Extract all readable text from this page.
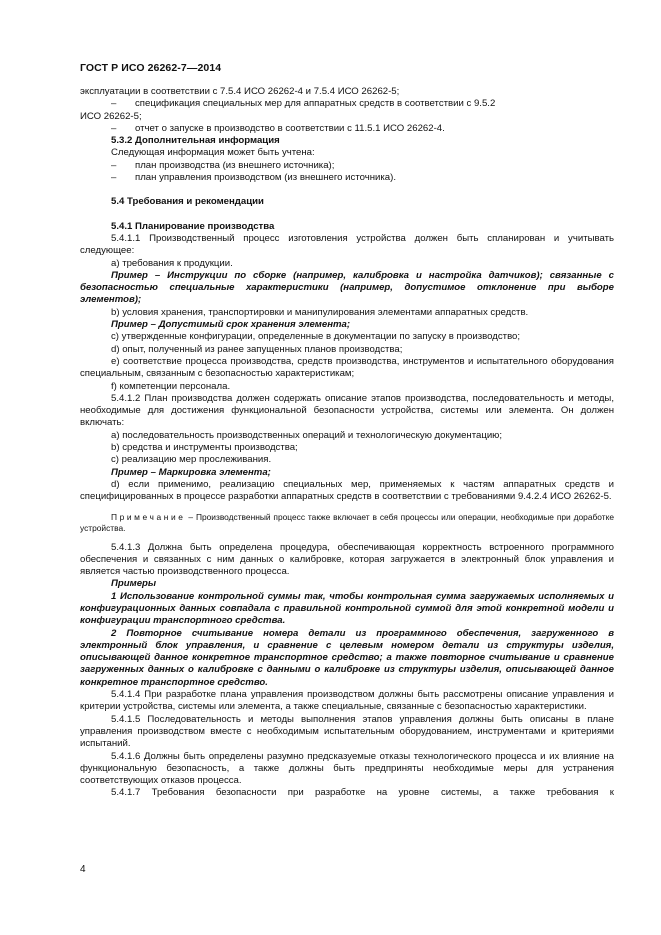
ГОСТ Р ИСО 26262-7—2014

эксплуатации в соответствии с 7.5.4 ИСО 26262-4 и 7.5.4 ИСО 26262-5;

–	спецификация специальных мер для аппаратных средств в соответствии с 9.5.2

ИСО 26262-5;

–	отчет о запуске в производство в соответствии с 11.5.1 ИСО 26262-4.

5.3.2 Дополнительная информация

Следующая информация может быть учтена:

–	план производства (из внешнего источника);
–	план управления производством (из внешнего источника).

5.4 Требования и рекомендации

5.4.1 Планирование производства

5.4.1.1 Производственный процесс изготовления устройства должен быть спланирован и учитывать следующее:

a) требования к продукции.

Пример – Инструкции по сборке (например, калибровка и настройка датчиков); связанные с безопасностью специальные характеристики (например, допустимое отклонение при выборе элементов);

b) условия хранения, транспортировки и манипулирования элементами аппаратных средств.

Пример – Допустимый срок хранения элемента;

c) утвержденные конфигурации, определенные в документации по запуску в производство;

d) опыт, полученный из ранее запущенных планов производства;

e) соответствие процесса производства, средств производства, инструментов и испытательного оборудования специальным, связанным с безопасностью характеристикам;

f) компетенции персонала.

5.4.1.2 План производства должен содержать описание этапов производства, последовательность и методы, необходимые для достижения функциональной безопасности устройства, системы или элемента. Он должен включать:

a) последовательность производственных операций и технологическую документацию;

b) средства и инструменты производства;

c) реализацию мер прослеживания.

Пример – Маркировка элемента;

d) если применимо, реализацию специальных мер, применяемых к частям аппаратных средств и специфицированных в процессе разработки аппаратных средств в соответствии с требованиями 9.4.2.4 ИСО 26262-5.

Примечание – Производственный процесс также включает в себя процессы или операции, необходимые при доработке устройства.

5.4.1.3 Должна быть определена процедура, обеспечивающая корректность встроенного программного обеспечения и связанных с ним данных о калибровке, которая загружается в электронный блок управления и является частью производственного процесса.

Примеры

1 Использование контрольной суммы так, чтобы контрольная сумма загружаемых исполняемых и конфигурационных данных совпадала с правильной контрольной суммой для этой конкретной модели и конфигурации транспортного средства.

2 Повторное считывание номера детали из программного обеспечения, загруженного в электронный блок управления, и сравнение с целевым номером детали из структуры изделия, описывающей данное конкретное транспортное средство; а также повторное считывание и сравнение загруженных данных о калибровке с данными о калибровке из структуры изделия, описывающей данное конкретное транспортное средство.

5.4.1.4 При разработке плана управления производством должны быть рассмотрены описание управления и критерии устройства, системы или элемента, а также специальные, связанные с безопасностью характеристики.

5.4.1.5 Последовательность и методы выполнения этапов управления должны быть описаны в плане управления производством вместе с необходимым испытательным оборудованием, инструментами и критериями испытаний.

5.4.1.6 Должны быть определены разумно предсказуемые отказы технологического процесса и их влияние на функциональную безопасность, а также должны быть предприняты необходимые меры для устранения соответствующих отказов процесса.

5.4.1.7 Требования безопасности при разработке на уровне системы, а также требования к

4
